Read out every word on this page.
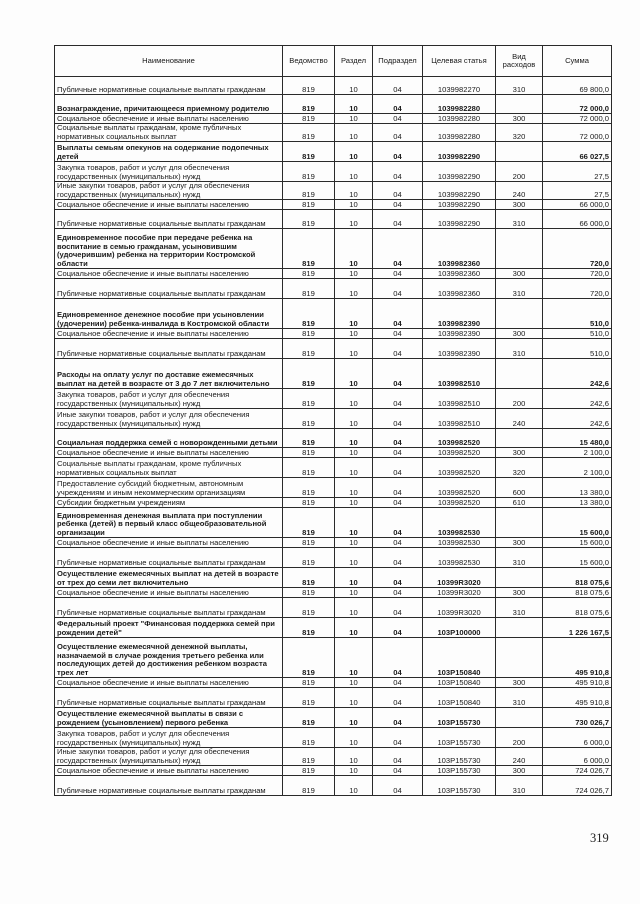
Наименование	Ведомство	Раздел	Подраздел	Целевая статья	Вид расходов	Сумма
Публичные нормативные социальные выплаты гражданам	819	10	04	1039982270	310	69 800,0
Вознаграждение, причитающееся приемному родителю	819	10	04	1039982280		72 000,0
Социальное обеспечение и иные выплаты населению	819	10	04	1039982280	300	72 000,0
Социальные выплаты гражданам, кроме публичных нормативных социальных выплат	819	10	04	1039982280	320	72 000,0
Выплаты семьям опекунов на содержание подопечных детей	819	10	04	1039982290		66 027,5
Закупка товаров, работ и услуг для обеспечения государственных (муниципальных) нужд	819	10	04	1039982290	200	27,5
Иные закупки товаров, работ и услуг для обеспечения государственных (муниципальных) нужд	819	10	04	1039982290	240	27,5
Социальное обеспечение и иные выплаты населению	819	10	04	1039982290	300	66 000,0
Публичные нормативные социальные выплаты гражданам	819	10	04	1039982290	310	66 000,0
Единовременное пособие при передаче ребенка на воспитание в семью гражданам, усыновившим (удочерившим) ребенка на территории Костромской области	819	10	04	1039982360		720,0
Социальное обеспечение и иные выплаты населению	819	10	04	1039982360	300	720,0
Публичные нормативные социальные выплаты гражданам	819	10	04	1039982360	310	720,0
Единовременное денежное пособие при усыновлении (удочерении) ребенка-инвалида в Костромской области	819	10	04	1039982390		510,0
Социальное обеспечение и иные выплаты населению	819	10	04	1039982390	300	510,0
Публичные нормативные социальные выплаты гражданам	819	10	04	1039982390	310	510,0
Расходы на оплату услуг по доставке ежемесячных выплат на детей в возрасте от 3 до 7 лет включительно	819	10	04	1039982510		242,6
Закупка товаров, работ и услуг для обеспечения государственных (муниципальных) нужд	819	10	04	1039982510	200	242,6
Иные закупки товаров, работ и услуг для обеспечения государственных (муниципальных) нужд	819	10	04	1039982510	240	242,6
Социальная поддержка семей с новорожденными детьми	819	10	04	1039982520		15 480,0
Социальное обеспечение и иные выплаты населению	819	10	04	1039982520	300	2 100,0
Социальные выплаты гражданам, кроме публичных нормативных социальных выплат	819	10	04	1039982520	320	2 100,0
Предоставление субсидий бюджетным, автономным учреждениям и иным некоммерческим организациям	819	10	04	1039982520	600	13 380,0
Субсидии бюджетным учреждениям	819	10	04	1039982520	610	13 380,0
Единовременная денежная выплата при поступлении ребенка (детей) в первый класс общеобразовательной организации	819	10	04	1039982530		15 600,0
Социальное обеспечение и иные выплаты населению	819	10	04	1039982530	300	15 600,0
Публичные нормативные социальные выплаты гражданам	819	10	04	1039982530	310	15 600,0
Осуществление ежемесячных выплат на детей в возрасте от трех до семи лет включительно	819	10	04	10399R3020		818 075,6
Социальное обеспечение и иные выплаты населению	819	10	04	10399R3020	300	818 075,6
Публичные нормативные социальные выплаты гражданам	819	10	04	10399R3020	310	818 075,6
Федеральный проект "Финансовая поддержка семей при рождении детей"	819	10	04	103P100000		1 226 167,5
Осуществление ежемесячной денежной выплаты, назначаемой в случае рождения третьего ребенка или последующих детей до достижения ребенком возраста трех лет	819	10	04	103P150840		495 910,8
Социальное обеспечение и иные выплаты населению	819	10	04	103P150840	300	495 910,8
Публичные нормативные социальные выплаты гражданам	819	10	04	103P150840	310	495 910,8
Осуществление ежемесячной выплаты в связи с рождением (усыновлением) первого ребенка	819	10	04	103P155730		730 026,7
Закупка товаров, работ и услуг для обеспечения государственных (муниципальных) нужд	819	10	04	103P155730	200	6 000,0
Иные закупки товаров, работ и услуг для обеспечения государственных (муниципальных) нужд	819	10	04	103P155730	240	6 000,0
Социальное обеспечение и иные выплаты населению	819	10	04	103P155730	300	724 026,7
Публичные нормативные социальные выплаты гражданам	819	10	04	103P155730	310	724 026,7
319
